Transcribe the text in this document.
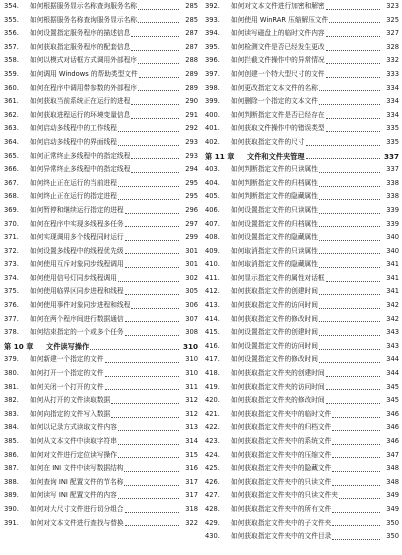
354.	如何根据服务显示名称查询服务名称	285
355.	如何根据服务名称查询服务显示名称	285
356.	如何设置指定服务程序的描述信息	287
357.	如何获取指定服务程序的配套信息	287
358.	如何以模式对话框方式调用外部程序	288
359.	如何调用 Windows 的帮助类型文件	289
360.	如何在程序中调用带参数的外部程序	289
361.	如何获取当前系统正在运行的进程	290
362.	如何获取进程运行的环境变量信息	291
363.	如何启动多线程中的工作线程	292
364.	如何启动多线程中的界面线程	293
365.	如何正常终止多线程中的指定线程	293
366.	如何异常终止多线程中的指定线程	294
367.	如何终止正在运行的当前进程	295
368.	如何终止正在运行的指定进程	295
369.	如何暂停和继续运行指定的进程	296
370.	如何在程序中实现多线程多任务	297
371.	如何实现调用多个线程同时运行	299
372.	如何设置多线程中的线程优先级	301
373.	如何使用互斥对象同步线程调用	301
374.	如何使用信号灯同步线程调用	302
375.	如何使用临界区同步进程和线程	305
376.	如何使用事件对象同步进程和线程	306
377.	如何在两个程序间进行数据通信	307
378.	如何结束指定的一个或多个任务	308
第 10 章	文件读写操作	310
379.	如何新建一个指定的文件	310
380.	如何打开一个指定的文件	310
381.	如何关闭一个打开的文件	311
382.	如何从打开的文件读取数据	312
383.	如何向指定的文件写入数据	312
384.	如何以记录方式读取文件内容	313
385.	如何从文本文件中读取字符串	314
386.	如何对文件进行定位读写操作	315
387.	如何在 INI 文件中读写数据结构	316
388.	如何查询 INI 配置文件的节名称	317
389.	如何读写 INI 配置文件的内容	317
390.	如何对大尺寸文件进行切分组合	318
391.	如何对文本文件进行查找与替换	322
392.	如何对文本文件进行加密和解密	323
393.	如何使用 WinRAR 压缩解压文件	325
394.	如何读写磁盘上的临时文件内容	327
395.	如何检测文件是否已经发生更改	328
396.	如何拦截文件操作中的异常情况	332
397.	如何创建一个特大型尺寸的文件	333
398.	如何更改指定文本文件的名称	334
399.	如何删除一个指定的文本文件	334
400.	如何判断指定文件是否已经存在	334
401.	如何获取文件操作中的错误类型	335
402.	如何获取指定文件的尺寸	335
第 11 章	文件和文件夹管理	337
403.	如何判断指定文件的只读属性	337
404.	如何判断指定文件的归档属性	338
405.	如何判断指定文件的隐藏属性	338
406.	如何设置指定文件的只读属性	339
407.	如何设置指定文件的归档属性	339
408.	如何设置指定文件的隐藏属性	340
409.	如何取消指定文件的只读属性	340
410.	如何取消指定文件的隐藏属性	341
411.	如何显示指定文件的属性对话框	341
412.	如何获取指定文件的创建时间	341
413.	如何获取指定文件的访问时间	342
414.	如何获取指定文件的修改时间	342
415.	如何设置指定文件的创建时间	343
416.	如何设置指定文件的访问时间	343
417.	如何设置指定文件的修改时间	344
418.	如何获取指定文件夹的创建时间	344
419.	如何获取指定文件夹的访问时间	345
420.	如何获取指定文件夹的修改时间	345
421.	如何获取指定文件夹中的临时文件	346
422.	如何获取指定文件夹中的归档文件	346
423.	如何获取指定文件夹中的系统文件	346
424.	如何获取指定文件夹中的压缩文件	347
425.	如何获取指定文件夹中的隐藏文件	348
426.	如何获取指定文件夹中的只读文件	348
427.	如何获取指定文件夹中的只读文件夹	349
428.	如何获取指定文件夹中的所有文件	349
429.	如何获取指定文件夹中的子文件夹	350
430.	如何获取指定文件夹中的文件目录	350
